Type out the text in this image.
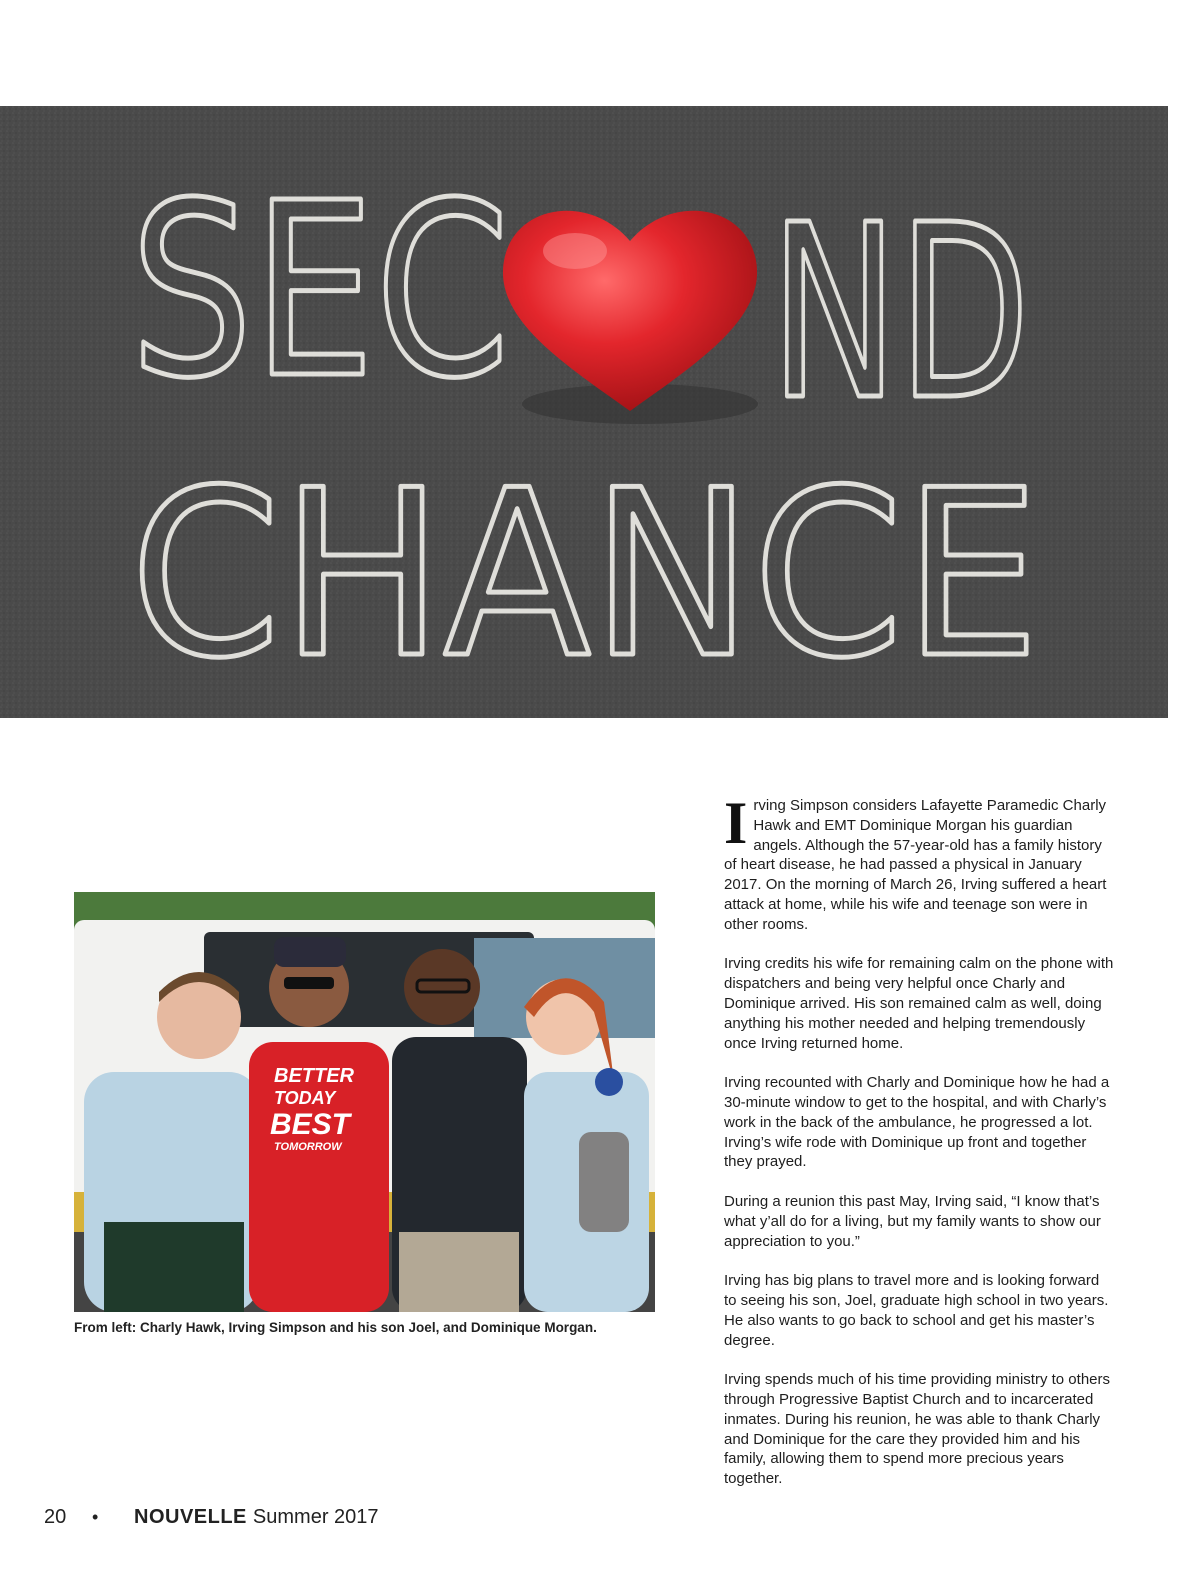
SEC ND
CHANCE
BETTER
TODAY
BEST
TOMORROW
From left: Charly Hawk, Irving Simpson and his son Joel, and Dominique Morgan.

Irving Simpson considers Lafayette Paramedic Charly Hawk and EMT Dominique Morgan his guardian angels. Although the 57-year-old has a family history of heart disease, he had passed a physical in January 2017. On the morning of March 26, Irving suffered a heart attack at home, while his wife and teenage son were in other rooms.

Irving credits his wife for remaining calm on the phone with dispatchers and being very helpful once Charly and Dominique arrived. His son remained calm as well, doing anything his mother needed and helping tremendously once Irving returned home.

Irving recounted with Charly and Dominique how he had a 30-minute window to get to the hospital, and with Charly’s work in the back of the ambulance, he progressed a lot. Irving’s wife rode with Dominique up front and together they prayed.

During a reunion this past May, Irving said, “I know that’s what y’all do for a living, but my family wants to show our appreciation to you.”

Irving has big plans to travel more and is looking forward to seeing his son, Joel, graduate high school in two years. He also wants to go back to school and get his master’s degree.

Irving spends much of his time providing ministry to others through Progressive Baptist Church and to incarcerated inmates. During his reunion, he was able to thank Charly and Dominique for the care they provided him and his family, allowing them to spend more precious years together.

20	•	NOUVELLE Summer 2017
